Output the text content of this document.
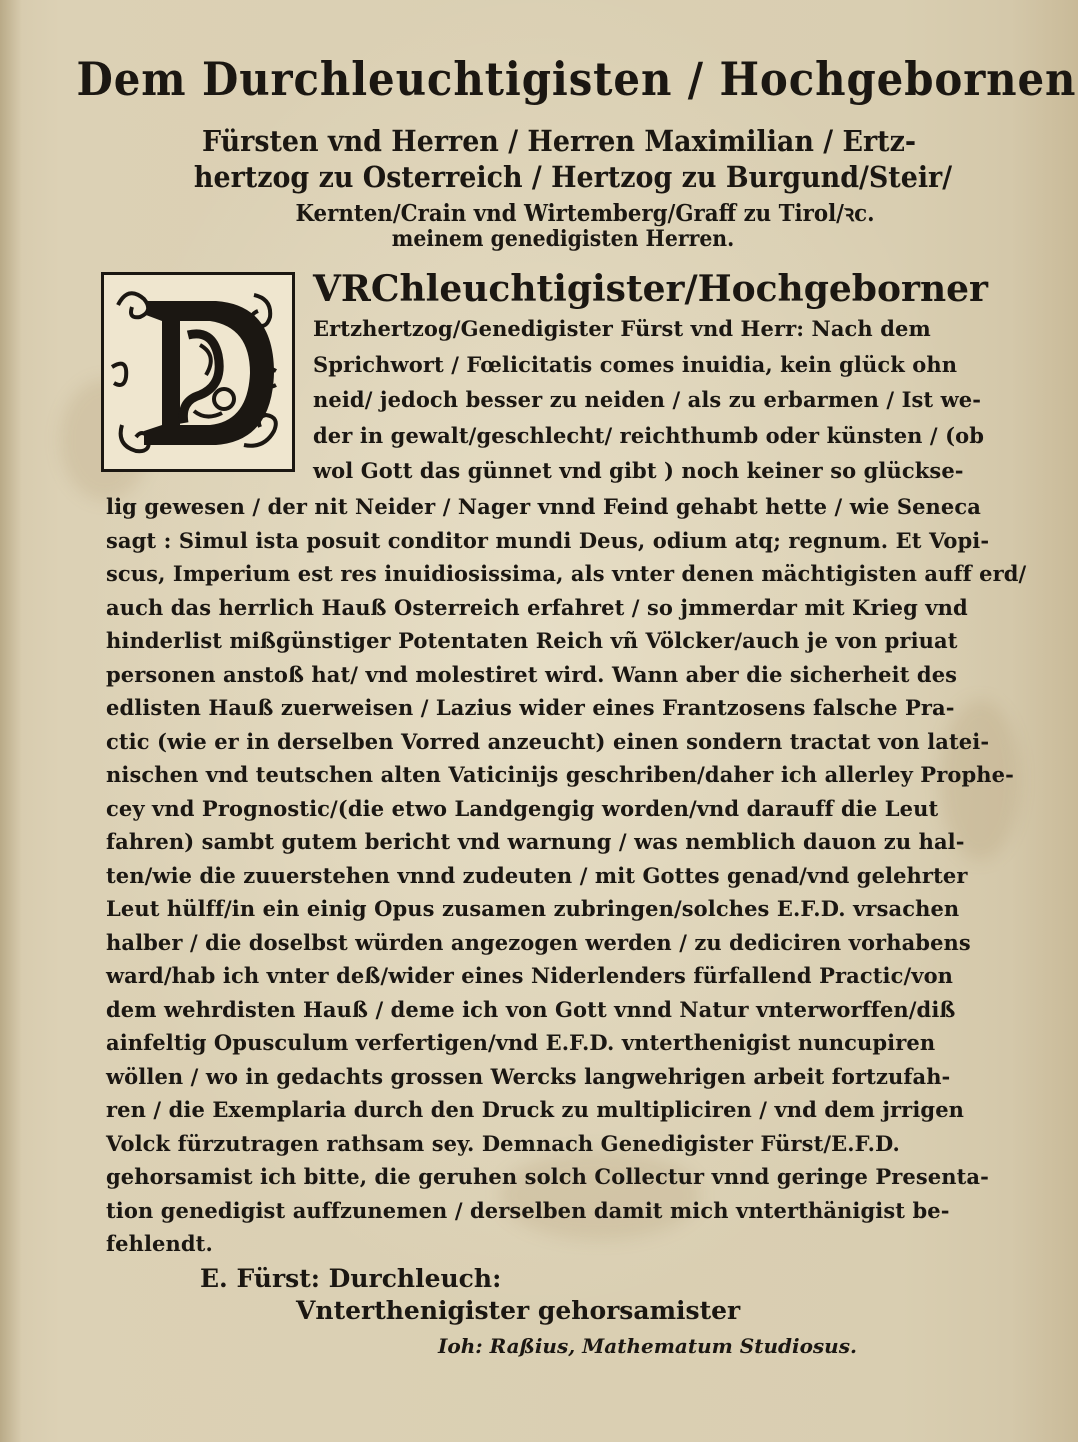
Dem Durchleuchtigisten / Hochgebornen
Fürsten vnd Herren / Herren Maximilian / Ertz-
hertzog zu Osterreich / Hertzog zu Burgund/Steir/
Kernten/Crain vnd Wirtemberg/Graff zu Tirol/ꝛc.
meinem genedigisten Herren.
VRChleuchtigister/Hochgeborner
Ertzhertzog/Genedigister Fürst vnd Herr: Nach dem
Sprichwort / Fœlicitatis comes inuidia, kein glück ohn
neid/ jedoch besser zu neiden / als zu erbarmen / Ist we-
der in gewalt/geschlecht/ reichthumb oder künsten / (ob
wol Gott das günnet vnd gibt ) noch keiner so glückse-
lig gewesen / der nit Neider / Nager vnnd Feind gehabt hette / wie Seneca
sagt : Simul ista posuit conditor mundi Deus, odium atq; regnum. Et Vopi-
scus, Imperium est res inuidiosissima, als vnter denen mächtigisten auff erd/
auch das herrlich Hauß Osterreich erfahret / so jmmerdar mit Krieg vnd
hinderlist mißgünstiger Potentaten Reich vñ Völcker/auch je von priuat
personen anstoß hat/ vnd molestiret wird. Wann aber die sicherheit des
edlisten Hauß zuerweisen / Lazius wider eines Frantzosens falsche Pra-
ctic (wie er in derselben Vorred anzeucht) einen sondern tractat von latei-
nischen vnd teutschen alten Vaticinijs geschriben/daher ich allerley Prophe-
cey vnd Prognostic/(die etwo Landgengig worden/vnd darauff die Leut
fahren) sambt gutem bericht vnd warnung / was nemblich dauon zu hal-
ten/wie die zuuerstehen vnnd zudeuten / mit Gottes genad/vnd gelehrter
Leut hülff/in ein einig Opus zusamen zubringen/solches E.F.D. vrsachen
halber / die doselbst würden angezogen werden / zu dediciren vorhabens
ward/hab ich vnter deß/wider eines Niderlenders fürfallend Practic/von
dem wehrdisten Hauß / deme ich von Gott vnnd Natur vnterworffen/diß
ainfeltig Opusculum verfertigen/vnd E.F.D. vnterthenigist nuncupiren
wöllen / wo in gedachts grossen Wercks langwehrigen arbeit fortzufah-
ren / die Exemplaria durch den Druck zu multipliciren / vnd dem jrrigen
Volck fürzutragen rathsam sey. Demnach Genedigister Fürst/E.F.D.
gehorsamist ich bitte, die geruhen solch Collectur vnnd geringe Presenta-
tion genedigist auffzunemen / derselben damit mich vnterthänigist be-
fehlendt.
E. Fürst: Durchleuch:
Vnterthenigister gehorsamister
Ioh: Raßius, Mathematum Studiosus.
